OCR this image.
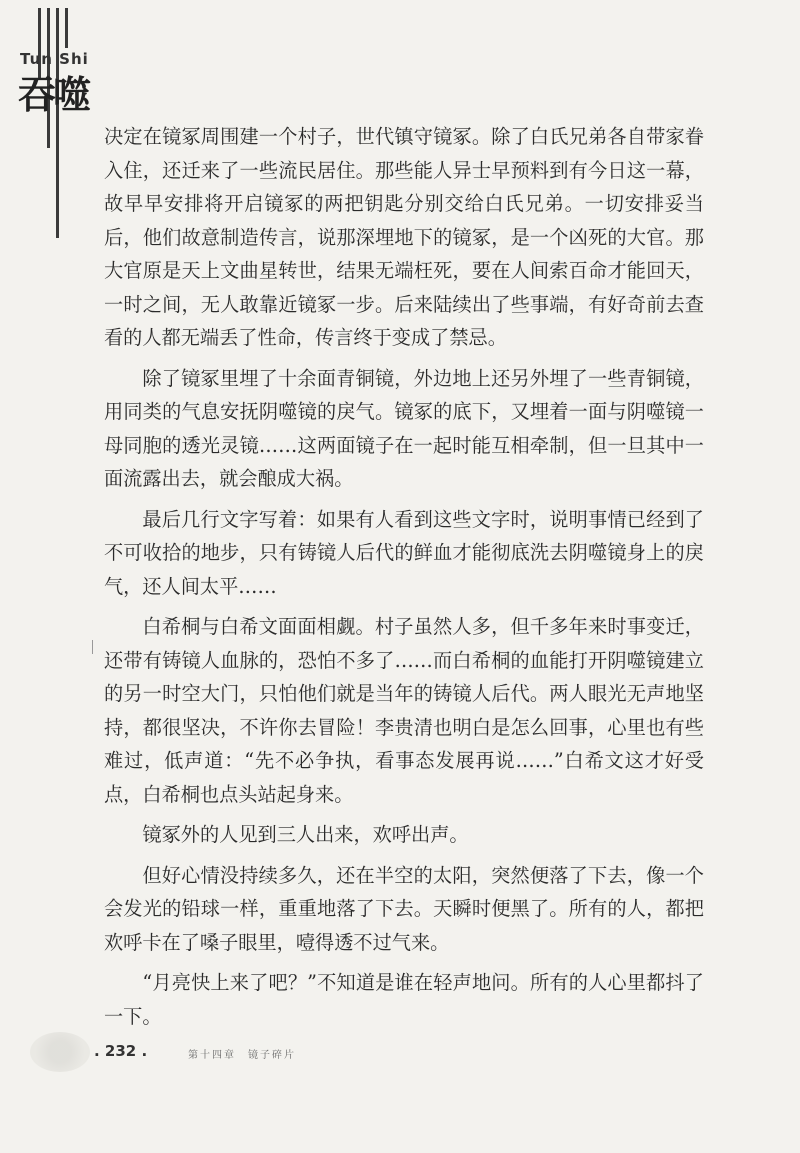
Tun Shi
吞噬

决定在镜冢周围建一个村子，世代镇守镜冢。除了白氏兄弟各自带家眷入住，还迁来了一些流民居住。那些能人异士早预料到有今日这一幕，故早早安排将开启镜冢的两把钥匙分别交给白氏兄弟。一切安排妥当后，他们故意制造传言，说那深埋地下的镜冢，是一个凶死的大官。那大官原是天上文曲星转世，结果无端枉死，要在人间索百命才能回天，一时之间，无人敢靠近镜冢一步。后来陆续出了些事端，有好奇前去查看的人都无端丢了性命，传言终于变成了禁忌。

除了镜冢里埋了十余面青铜镜，外边地上还另外埋了一些青铜镜，用同类的气息安抚阴噬镜的戾气。镜冢的底下，又埋着一面与阴噬镜一母同胞的透光灵镜……这两面镜子在一起时能互相牵制，但一旦其中一面流露出去，就会酿成大祸。

最后几行文字写着：如果有人看到这些文字时，说明事情已经到了不可收拾的地步，只有铸镜人后代的鲜血才能彻底洗去阴噬镜身上的戾气，还人间太平……

白希桐与白希文面面相觑。村子虽然人多，但千多年来时事变迁，还带有铸镜人血脉的，恐怕不多了……而白希桐的血能打开阴噬镜建立的另一时空大门，只怕他们就是当年的铸镜人后代。两人眼光无声地坚持，都很坚决，不许你去冒险！李贵清也明白是怎么回事，心里也有些难过，低声道：“先不必争执，看事态发展再说……”白希文这才好受点，白希桐也点头站起身来。

镜冢外的人见到三人出来，欢呼出声。

但好心情没持续多久，还在半空的太阳，突然便落了下去，像一个会发光的铅球一样，重重地落了下去。天瞬时便黑了。所有的人，都把欢呼卡在了嗓子眼里，噎得透不过气来。

“月亮快上来了吧？”不知道是谁在轻声地问。所有的人心里都抖了一下。

. 232 .	第十四章　镜子碎片
